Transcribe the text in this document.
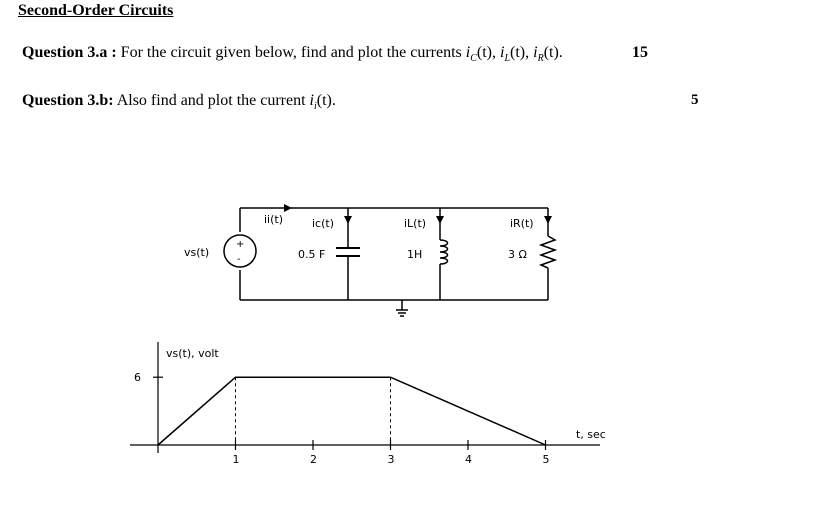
Second-Order Circuits
Question 3.a : For the circuit given below, find and plot the currents $i_C(t)$, $i_L(t)$, $i_R(t)$.	15
Question 3.b: Also find and plot the current $i_i(t)$.	5
vs(t)
+
-
ii(t)	ic(t)	iL(t)	iR(t)
0.5 F	1H	3 Ω
1	2	3	4	5
6
vs(t), volt
t, sec
